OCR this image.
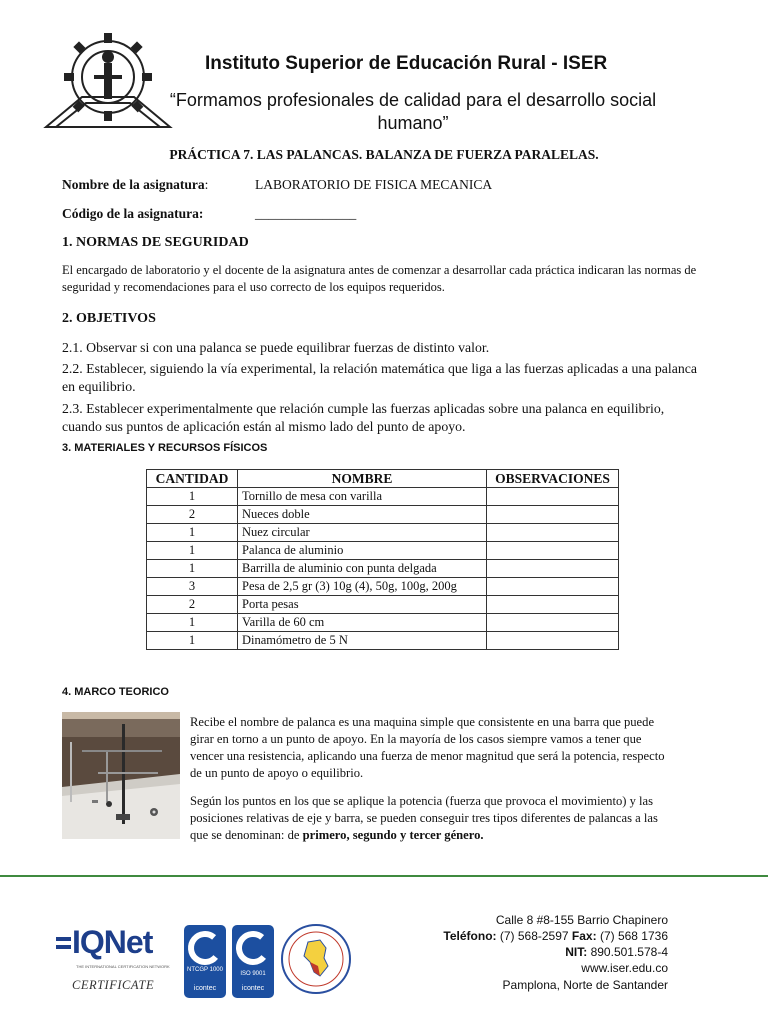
Instituto Superior de Educación Rural - ISER
“Formamos profesionales de calidad para el desarrollo social humano”
PRÁCTICA 7. LAS PALANCAS. BALANZA DE FUERZA PARALELAS.
Nombre de la asignatura:	LABORATORIO DE FISICA MECANICA
Código de la asignatura:	_______________
1. NORMAS DE SEGURIDAD
El encargado de laboratorio y el docente de la asignatura antes de comenzar a desarrollar cada práctica indicaran las normas de seguridad y recomendaciones para el uso correcto de los equipos requeridos.
2. OBJETIVOS
2.1. Observar si con una palanca se puede equilibrar fuerzas de distinto valor.
2.2. Establecer, siguiendo la vía experimental, la relación matemática que liga a las fuerzas aplicadas a una palanca en equilibrio.
2.3. Establecer experimentalmente que relación cumple las fuerzas aplicadas sobre una palanca en equilibrio, cuando sus puntos de aplicación están al mismo lado del punto de apoyo.
3. MATERIALES Y RECURSOS FÍSICOS
CANTIDAD	NOMBRE	OBSERVACIONES
1	Tornillo de mesa con varilla	
2	Nueces doble	
1	Nuez circular	
1	Palanca de aluminio	
1	Barrilla de aluminio con punta delgada	
3	Pesa de 2,5 gr (3) 10g (4), 50g, 100g, 200g	
2	Porta pesas	
1	Varilla de 60 cm	
1	Dinamómetro de 5 N	
4. MARCO TEORICO
Recibe el nombre de palanca es una maquina simple que consistente en una barra que puede girar en torno a un punto de apoyo. En la mayoría de los casos siempre vamos a tener que vencer una resistencia, aplicando una fuerza de menor magnitud que será la potencia, respecto de un punto de apoyo o equilibrio.
Según los puntos en los que se aplique la potencia (fuerza que provoca el movimiento) y las posiciones relativas de eje y barra, se pueden conseguir tres tipos diferentes de palancas a las que se denominan: de primero, segundo y tercer género.
IQNet
THE INTERNATIONAL CERTIFICATION NETWORK
CERTIFICATE
NTCGP 1000
icontec
ISO 9001
icontec
Calle 8 #8-155 Barrio Chapinero
Teléfono: (7) 568-2597 Fax: (7) 568 1736
NIT: 890.501.578-4
www.iser.edu.co
Pamplona, Norte de Santander
